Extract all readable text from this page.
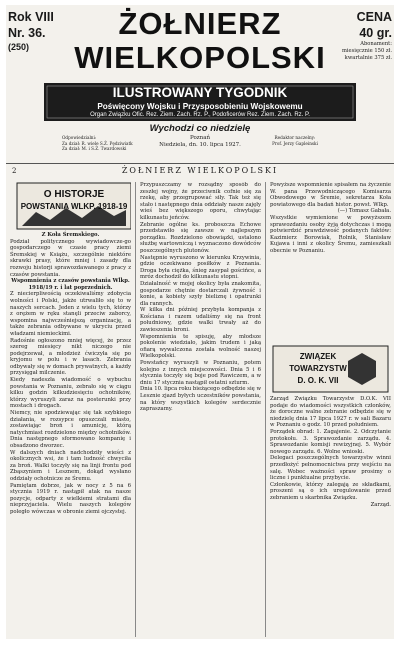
Rok VIII
Nr. 36.
(250)
ŻOŁNIERZ
WIELKOPOLSKI
CENA
40 gr.
Abonament:
miesięcznie 150 zł.
kwartalnie 375 zł.
ILUSTROWANY TYGODNIK
Poświęcony Wojsku i Przysposobieniu Wojskowemu
Organ Związku Ofic. Rez. Ziem. Zach. Rz. P., Podoficerów Rez. Ziem. Zach. Rz. P.
Wychodzi co niedzielę
Odpowiedzialni:
Za dział: R. wiele S.Ż. Pędziwiatk
Za dział: M. i S.Ż. Twardowski
Poznań
Niedziela, dn. 10. lipca 1927.
Redaktor naczelny:
Prof. Jerzy Gapleinski
2	ŻOŁNIERZ WIELKOPOLSKI
O HISTORJE
POWSTANIA WLKP. 1918-19

Z Koła Śremskiego.

Podział politycznego wywiadowcze-go gospodarczego w czasie pracy ziemi Śremskiej w Książu, szczególnie niektóre skrawki prasy, które mniej i zasady dla rozwoju historji sprawozdawanego z pracy z czasów powstania.

Wspomnienia z czasów powstania Wlkp. 1918/19 r. i lat poprzednich.

Z niecierpliwością oczekiwaliśmy zdobycia wolności i Polski, jakże utrwaliło się to w naszych sercach. Jeden z wielu tych, którzy z orężem w ręku stanęli przeciw zaborcy, wspomina najwcześniejszą organizację, a także zebrania odbywane w ukryciu przed władzami niemieckimi.

Radośnie ogłoszono mniej więcej, że przez szereg miesięcy nikt niczego nie podejrzewał, a młodzież ćwiczyła się po kryjomu w polu i w lasach. Zebrania odbywały się w domach prywatnych, a każdy przysięgał milczenie.

Kiedy nadeszła wiadomość o wybuchu powstania w Poznaniu, zebrało się w ciągu kilku godzin kilkudziesięciu ochotników, którzy wyruszyli zaraz na posterunki przy mostach i drogach.

Niemcy, nie spodziewając się tak szybkiego działania, w rozsypce opuszczali miasto, zostawiając broń i amunicję, którą natychmiast rozdzielono między ochotników. Dnia następnego sformowano kompanię i obsadzono dworzec.

W dalszych dniach nadchodziły wieści z okolicznych wsi, że i tam ludność chwyciła za broń. Walki toczyły się na linji frontu pod Zbąszyniem i Lesznem, dokąd wysłano oddziały ochotnicze ze Śremu.

Pamiętam dobrze, jak w nocy z 5 na 6 stycznia 1919 r. nastąpił atak na nasze pozycje, odparty z wielkiemi stratami dla nieprzyjaciela. Wielu naszych kolegów poległo wówczas w obronie ziemi ojczystej.

Przypuszczamy w rozsądny sposób do zeszłej wojny, że przeciwnik cofnie się za rzekę, aby przegrupować siły. Tak też się stało i następnego dnia oddziały nasze zajęły wieś bez większego oporu, chwytając kilkunastu jeńców.

Zebranie ogólne ks. proboszcza Echowe przedstawiło się zawsze w najlepszym porządku. Rozdzielono obowiązki, ustalono służbę wartowniczą i wyznaczono dowódców poszczególnych plutonów.

Następnie wyruszono w kierunku Krzywinia, gdzie oczekiwano posiłków z Poznania. Droga była ciężka, śnieg zasypał gościńce, a mróz dochodził do kilkunastu stopni.

Działalność w mojej okolicy była znakomita, gospodarze chętnie dostarczali żywność i konie, a kobiety szyły bieliznę i opatrunki dla rannych.

W kilka dni później przybyła kompanja z Kościana i razem udaliśmy się na front południowy, gdzie walki trwały aż do zawieszenia broni.

Wspomnienia te spisuję, aby młodsze pokolenie wiedziało, jakim trudem i jaką ofiarą wywalczona została wolność naszej Wielkopolski.

Powstańcy wyruszyli w Poznaniu, potem kolejno z innych miejscowości. Dnia 5 i 6 stycznia toczyły się boje pod Rawiczem, a w dniu 17 stycznia nastąpił ostatni szturm.

Dnia 10. lipca roku bieżącego odbędzie się w Lesznie zjazd byłych uczestników powstania, na który wszystkich kolegów serdecznie zapraszamy.

Powyższe wspomnienie spisałem na życzenie W. pana Przewodniczącego Komisarza Obwodowego w Śremie, sekretarza Koła powiatowego dla badań histor. powst. Wlkp.

(—) Tomasz Gabała.

Wszystkie wymienione w powyższem sprawozdaniu osoby żyją dotychczas i mogą potwierdzić prawdziwość podanych faktów: Kazimierz Borowiak, Rolnik, Stanisław Kujawa i inni z okolicy Śremu, zamieszkali obecnie w Poznaniu.

ZWIĄZEK
TOWARZYSTW
D. O. K. VII

Zarząd Związku Towarzystw D.O.K. VII podaje do wiadomości wszystkich członków, że doroczne walne zebranie odbędzie się w niedzielę dnia 17 lipca 1927 r. w sali Bazaru w Poznaniu o godz. 10 przed południem.

Porządek obrad: 1. Zagajenie. 2. Odczytanie protokołu. 3. Sprawozdanie zarządu. 4. Sprawozdanie komisji rewizyjnej. 5. Wybór nowego zarządu. 6. Wolne wnioski.

Delegaci poszczególnych towarzystw winni przedłożyć pełnomocnictwa przy wejściu na salę. Wobec ważności spraw prosimy o liczne i punktualne przybycie.

Członkowie, którzy zalegają ze składkami, proszeni są o ich uregulowanie przed zebraniem u skarbnika Związku.

Zarząd.
